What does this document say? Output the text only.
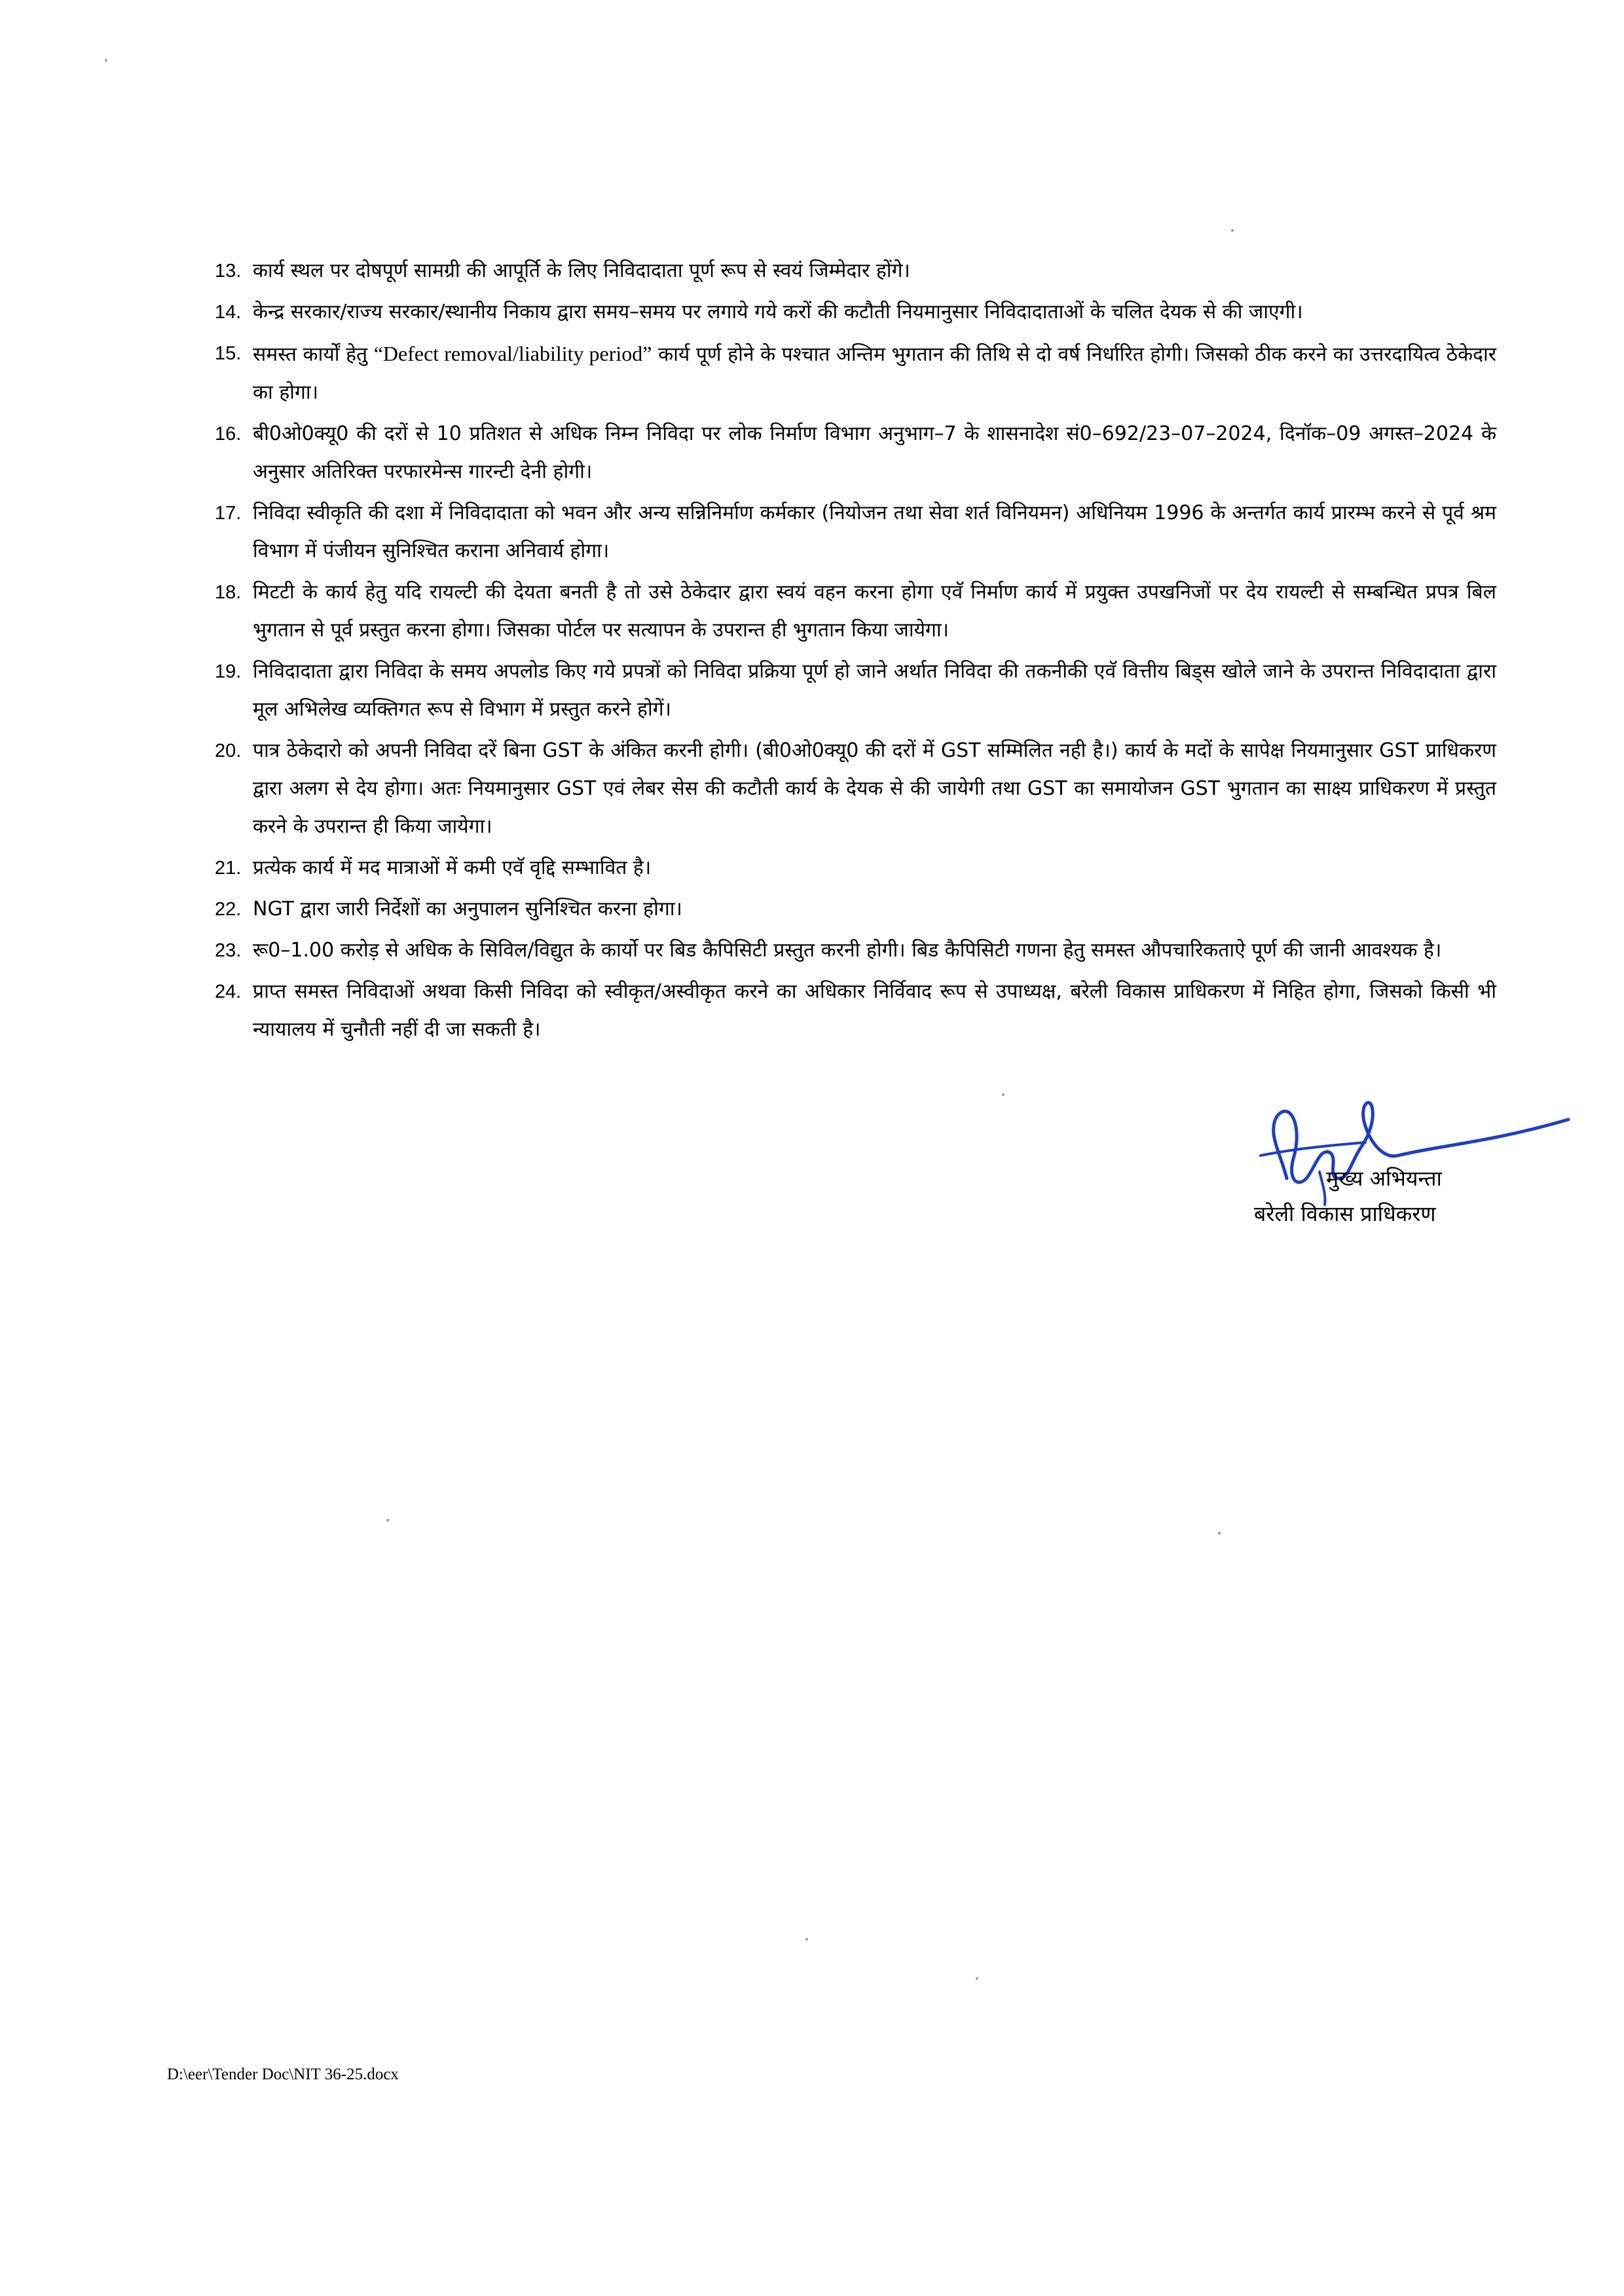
13. कार्य स्थल पर दोषपूर्ण सामग्री की आपूर्ति के लिए निविदादाता पूर्ण रूप से स्वयं जिम्मेदार होंगे।
14. केन्द्र सरकार/राज्य सरकार/स्थानीय निकाय द्वारा समय–समय पर लगाये गये करों की कटौती नियमानुसार निविदादाताओं के चलित देयक से की जाएगी।
15. समस्त कार्यों हेतु “Defect removal/liability period” कार्य पूर्ण होने के पश्चात अन्तिम भुगतान की तिथि से दो वर्ष निर्धारित होगी। जिसको ठीक करने का उत्तरदायित्व ठेकेदार का होगा।
16. बी0ओ0क्यू0 की दरों से 10 प्रतिशत से अधिक निम्न निविदा पर लोक निर्माण विभाग अनुभाग–7 के शासनादेश सं0–692/23–07–2024, दिनॉक–09 अगस्त–2024 के अनुसार अतिरिक्त परफारमेन्स गारन्टी देनी होगी।
17. निविदा स्वीकृति की दशा में निविदादाता को भवन और अन्य सन्निनिर्माण कर्मकार (नियोजन तथा सेवा शर्त विनियमन) अधिनियम 1996 के अन्तर्गत कार्य प्रारम्भ करने से पूर्व श्रम विभाग में पंजीयन सुनिश्चित कराना अनिवार्य होगा।
18. मिटटी के कार्य हेतु यदि रायल्टी की देयता बनती है तो उसे ठेकेदार द्वारा स्वयं वहन करना होगा एवॅ निर्माण कार्य में प्रयुक्त उपखनिजों पर देय रायल्टी से सम्बन्धित प्रपत्र बिल भुगतान से पूर्व प्रस्तुत करना होगा। जिसका पोर्टल पर सत्यापन के उपरान्त ही भुगतान किया जायेगा।
19. निविदादाता द्वारा निविदा के समय अपलोड किए गये प्रपत्रों को निविदा प्रक्रिया पूर्ण हो जाने अर्थात निविदा की तकनीकी एवॅ वित्तीय बिड्स खोले जाने के उपरान्त निविदादाता द्वारा मूल अभिलेख व्यक्तिगत रूप से विभाग में प्रस्तुत करने होगें।
20. पात्र ठेकेदारो को अपनी निविदा दरें बिना GST के अंकित करनी होगी। (बी0ओ0क्यू0 की दरों में GST सम्मिलित नही है।) कार्य के मदों के सापेक्ष नियमानुसार GST प्राधिकरण द्वारा अलग से देय होगा। अतः नियमानुसार GST एवं लेबर सेस की कटौती कार्य के देयक से की जायेगी तथा GST का समायोजन GST भुगतान का साक्ष्य प्राधिकरण में प्रस्तुत करने के उपरान्त ही किया जायेगा।
21. प्रत्येक कार्य में मद मात्राओं में कमी एवॅ वृद्दि सम्भावित है।
22. NGT द्वारा जारी निर्देशों का अनुपालन सुनिश्चित करना होगा।
23. रू0–1.00 करोड़ से अधिक के सिविल/विद्युत के कार्यो पर बिड कैपिसिटी प्रस्तुत करनी होगी। बिड कैपिसिटी गणना हेतु समस्त औपचारिकताऐ पूर्ण की जानी आवश्यक है।
24. प्राप्त समस्त निविदाओं अथवा किसी निविदा को स्वीकृत/अस्वीकृत करने का अधिकार निर्विवाद रूप से उपाध्यक्ष, बरेली विकास प्राधिकरण में निहित होगा, जिसको किसी भी न्यायालय में चुनौती नहीं दी जा सकती है।
मुख्य अभियन्ता
बरेली विकास प्राधिकरण
D:\eer\Tender Doc\NIT 36-25.docx
